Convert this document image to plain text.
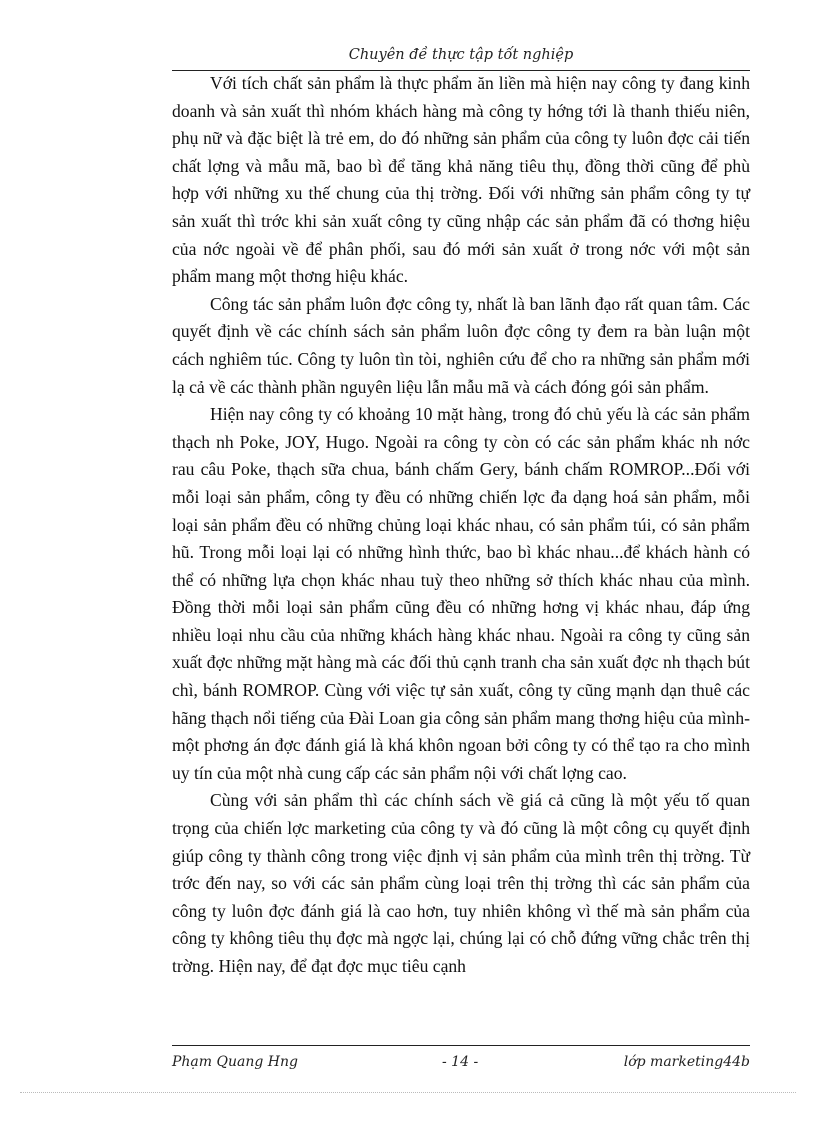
Chuyên đề thực tập tốt nghiệp

Với tích chất sản phẩm là thực phẩm ăn liền mà hiện nay công ty đang kinh doanh và sản xuất thì nhóm khách hàng mà công ty hớng tới là thanh thiếu niên, phụ nữ và đặc biệt là trẻ em, do đó những sản phẩm của công ty luôn đợc cải tiến chất lợng và mẫu mã, bao bì để tăng khả năng tiêu thụ, đồng thời cũng để phù hợp với những xu thế chung của thị trờng. Đối với những sản phẩm công ty tự sản xuất thì trớc khi sản xuất công ty cũng nhập các sản phẩm đã có thơng hiệu của nớc ngoài về để phân phối, sau đó mới sản xuất ở trong nớc với một sản phẩm mang một thơng hiệu khác.

Công tác sản phẩm luôn đợc công ty, nhất là ban lãnh đạo rất quan tâm. Các quyết định về các chính sách sản phẩm luôn đợc công ty đem ra bàn luận một cách nghiêm túc. Công ty luôn tìn tòi, nghiên cứu để cho ra những sản phẩm mới lạ cả về các thành phần nguyên liệu lẫn mẫu mã và cách đóng gói sản phẩm.

Hiện nay công ty có khoảng 10 mặt hàng, trong đó chủ yếu là các sản phẩm thạch nh Poke, JOY, Hugo. Ngoài ra công ty còn có các sản phẩm khác nh nớc rau câu Poke, thạch sữa chua, bánh chấm Gery, bánh chấm ROMROP...Đối với mỗi loại sản phẩm, công ty đều có những chiến lợc đa dạng hoá sản phẩm, mỗi loại sản phẩm đều có những chủng loại khác nhau, có sản phẩm túi, có sản phẩm hũ. Trong mỗi loại lại có những hình thức, bao bì khác nhau...để khách hành có thể có những lựa chọn khác nhau tuỳ theo những sở thích khác nhau của mình. Đồng thời mỗi loại sản phẩm cũng đều có những hơng vị khác nhau, đáp ứng nhiều loại nhu cầu của những khách hàng khác nhau. Ngoài ra công ty cũng sản xuất đợc những mặt hàng mà các đối thủ cạnh tranh cha sản xuất đợc nh thạch bút chì, bánh ROMROP. Cùng với việc tự sản xuất, công ty cũng mạnh dạn thuê các hãng thạch nổi tiếng của Đài Loan gia công sản phẩm mang thơng hiệu của mình- một phơng án đợc đánh giá là khá khôn ngoan bởi công ty có thể tạo ra cho mình uy tín của một nhà cung cấp các sản phẩm nội với chất lợng cao.

Cùng với sản phẩm thì các chính sách về giá cả cũng là một yếu tố quan trọng của chiến lợc marketing của công ty và đó cũng là một công cụ quyết định giúp công ty thành công trong việc định vị sản phẩm của mình trên thị trờng. Từ trớc đến nay, so với các sản phẩm cùng loại trên thị trờng thì các sản phẩm của công ty luôn đợc đánh giá là cao hơn, tuy nhiên không vì thế mà sản phẩm của công ty không tiêu thụ đợc mà ngợc lại, chúng lại có chỗ đứng vững chắc trên thị trờng. Hiện nay, để đạt đợc mục tiêu cạnh

Phạm Quang Hng	- 14 -	lớp marketing44b
